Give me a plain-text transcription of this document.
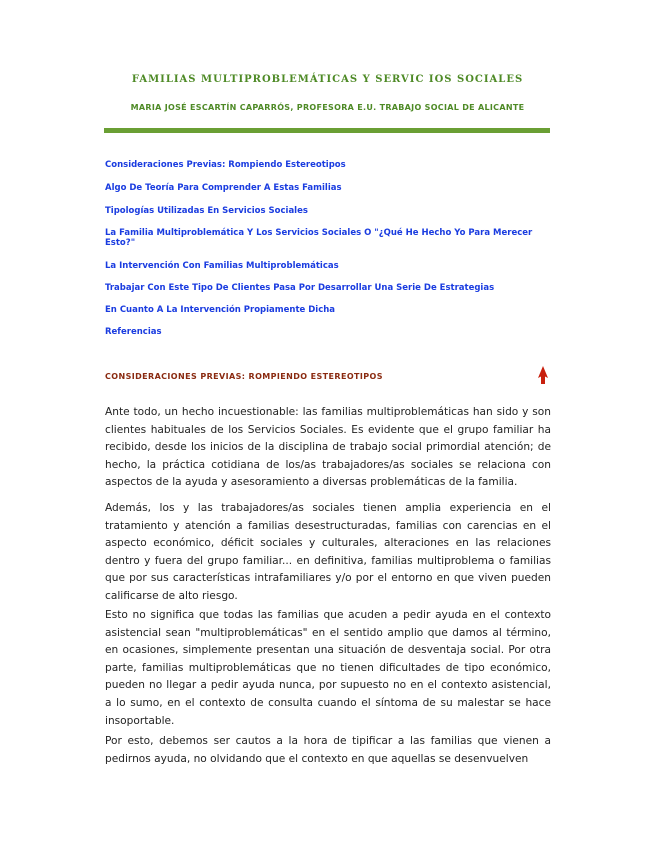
FAMILIAS MULTIPROBLEMÁTICAS Y SERVIC IOS SOCIALES
MARIA JOSÉ ESCARTÍN CAPARRÓS, PROFESORA E.U. TRABAJO SOCIAL DE ALICANTE
Consideraciones Previas: Rompiendo Estereotipos
Algo De Teoría Para Comprender A Estas Familias
Tipologías Utilizadas En Servicios Sociales
La Familia Multiproblemática Y Los Servicios Sociales O "¿Qué He Hecho Yo Para Merecer Esto?"
La Intervención Con Familias Multiproblemáticas
Trabajar Con Este Tipo De Clientes Pasa Por Desarrollar Una Serie De Estrategias
En Cuanto A La Intervención Propiamente Dicha
Referencias
CONSIDERACIONES PREVIAS: ROMPIENDO ESTEREOTIPOS

Ante todo, un hecho incuestionable: las familias multiproblemáticas han sido y son clientes habituales de los Servicios Sociales. Es evidente que el grupo familiar ha recibido, desde los inicios de la disciplina de trabajo social primordial atención; de hecho, la práctica cotidiana de los/as trabajadores/as sociales se relaciona con aspectos de la ayuda y asesoramiento a diversas problemáticas de la familia.

Además, los y las trabajadores/as sociales tienen amplia experiencia en el tratamiento y atención a familias desestructuradas, familias con carencias en el aspecto económico, déficit sociales y culturales, alteraciones en las relaciones dentro y fuera del grupo familiar... en definitiva, familias multiproblema o familias que por sus características intrafamiliares y/o por el entorno en que viven pueden calificarse de alto riesgo.

Esto no significa que todas las familias que acuden a pedir ayuda en el contexto asistencial sean "multiproblemáticas" en el sentido amplio que damos al término, en ocasiones, simplemente presentan una situación de desventaja social. Por otra parte, familias multiproblemáticas que no tienen dificultades de tipo económico, pueden no llegar a pedir ayuda nunca, por supuesto no en el contexto asistencial, a lo sumo, en el contexto de consulta cuando el síntoma de su malestar se hace insoportable.

Por esto, debemos ser cautos a la hora de tipificar a las familias que vienen a pedirnos ayuda, no olvidando que el contexto en que aquellas se desenvuelven
